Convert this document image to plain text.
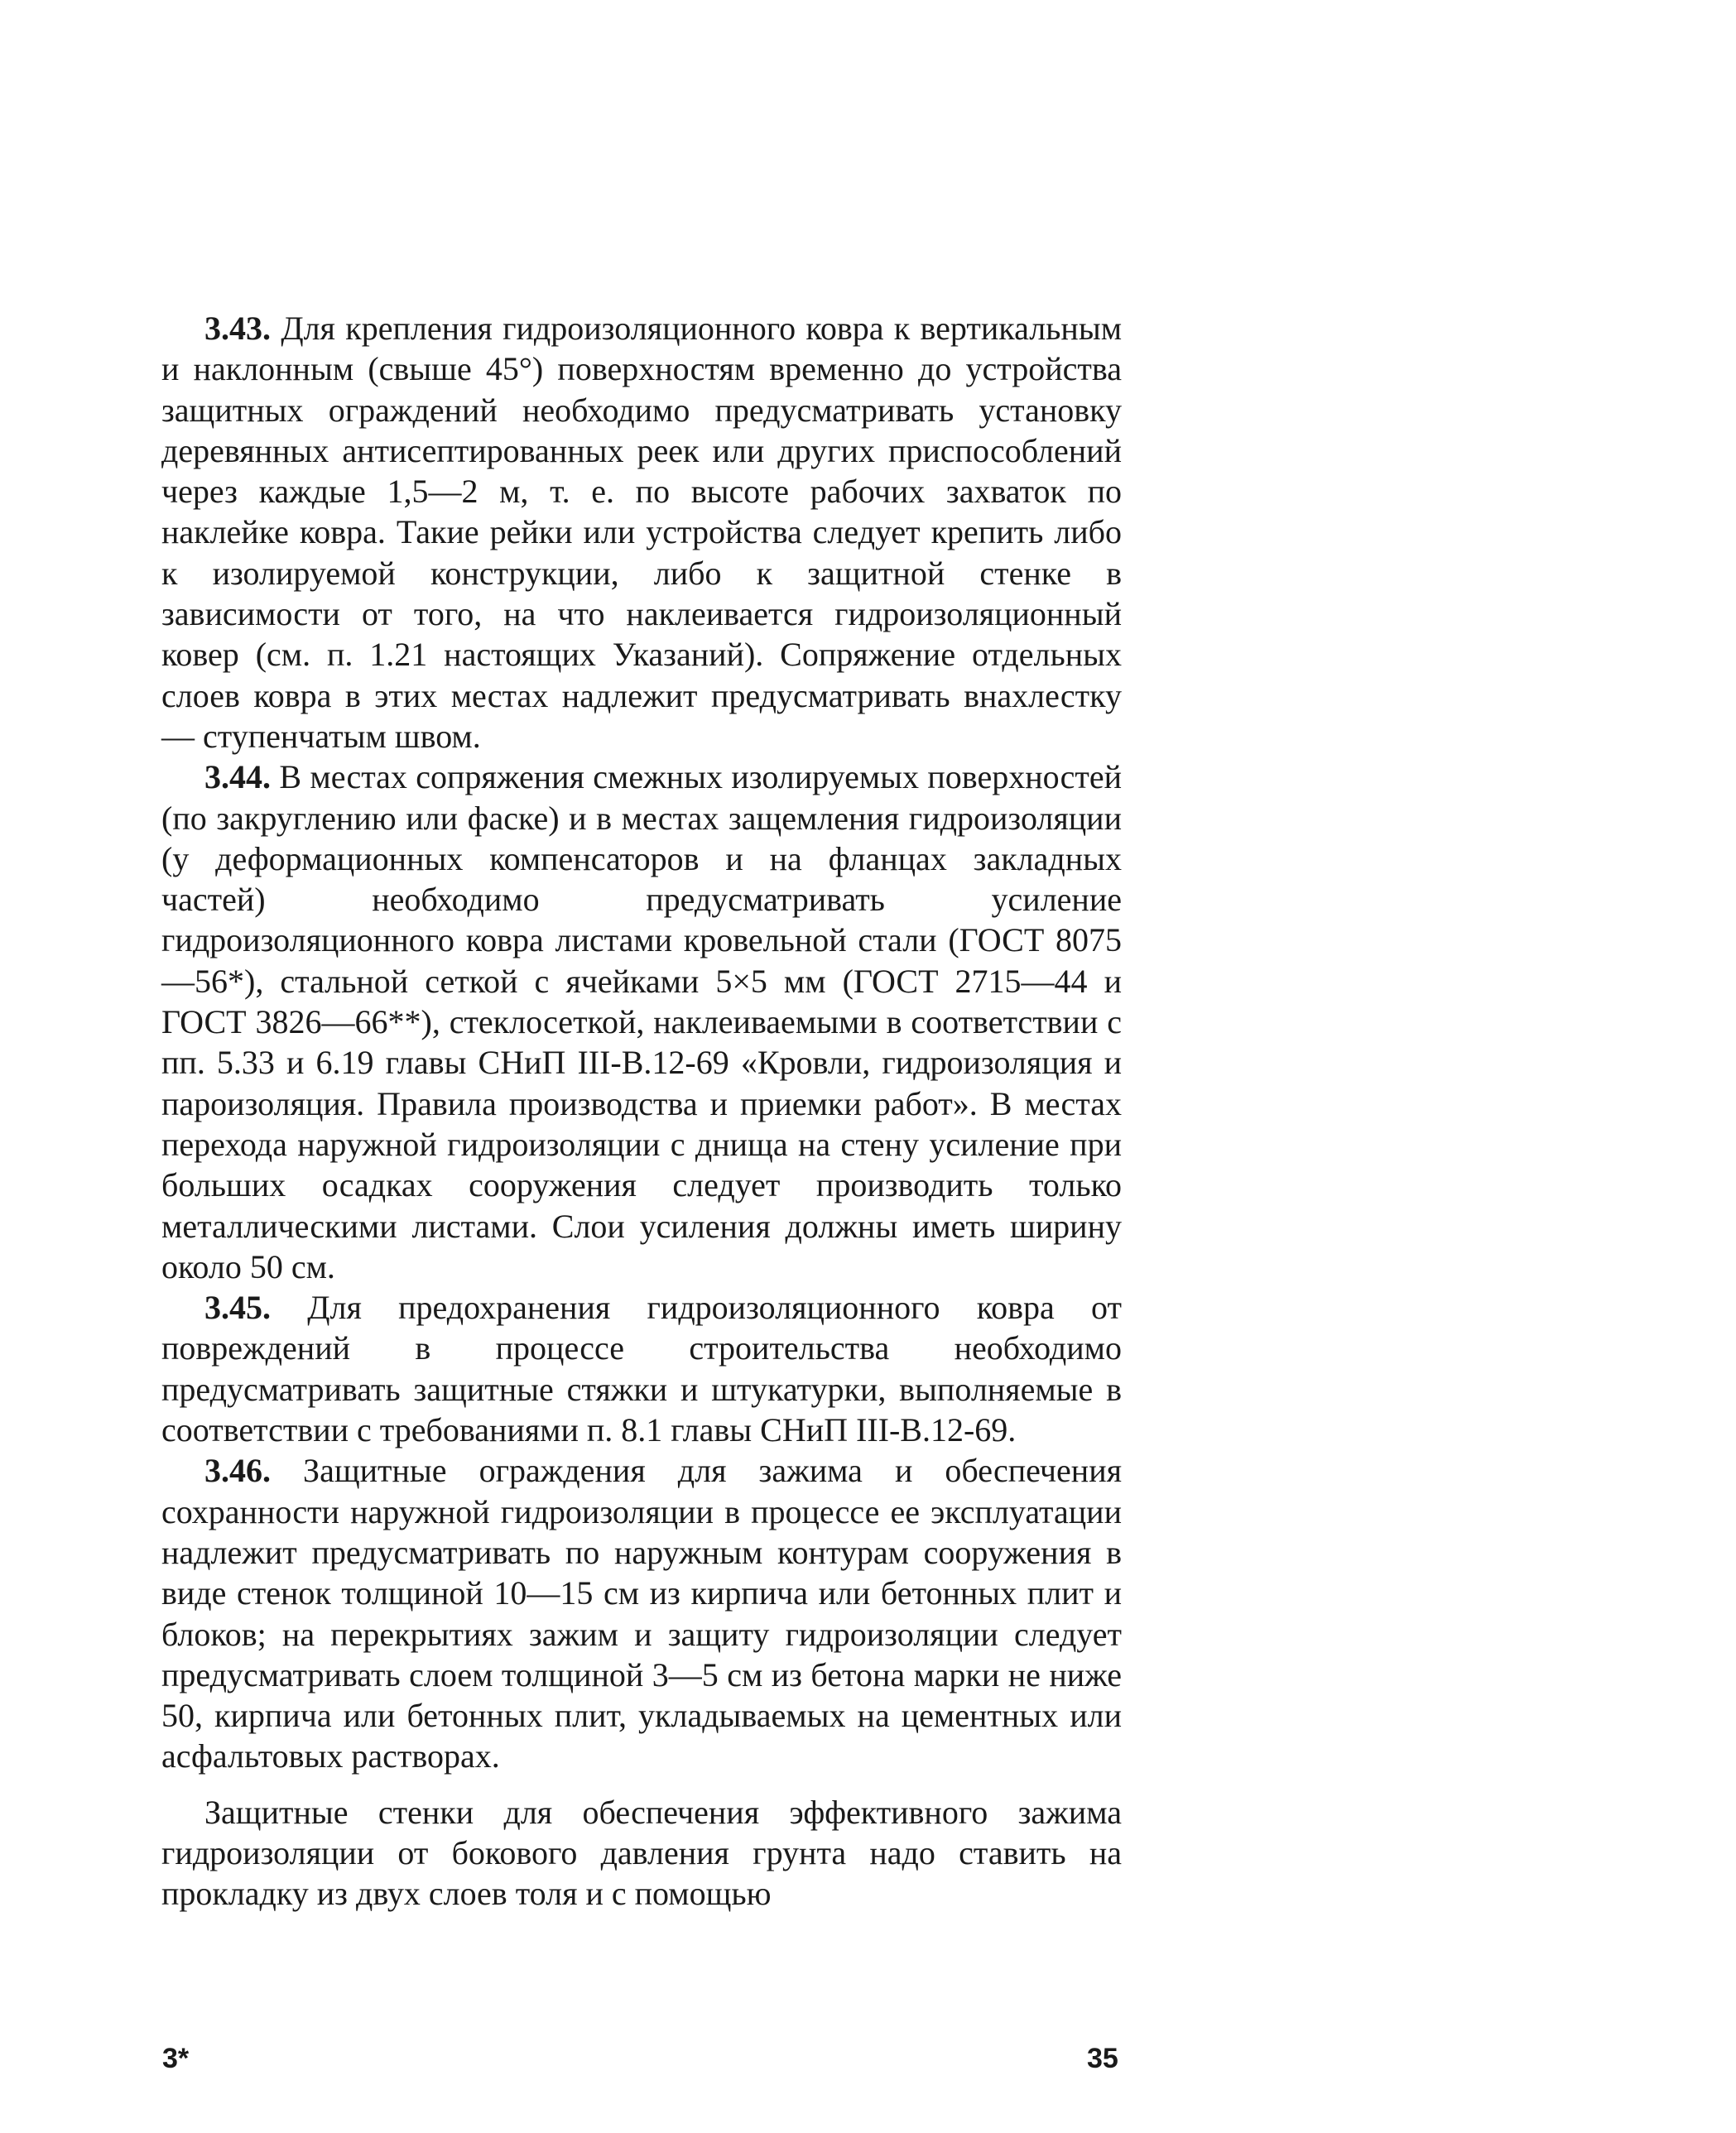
3.43. Для крепления гидроизоляционного ковра к вертикальным и наклонным (свыше 45°) поверхностям временно до устройства защитных ограждений необходимо предусматривать установку деревянных антисептированных реек или других приспособлений через каждые 1,5—2 м, т. е. по высоте рабочих захваток по наклейке ковра. Такие рейки или устройства следует крепить либо к изолируемой конструкции, либо к защитной стенке в зависимости от того, на что наклеивается гидроизоляционный ковер (см. п. 1.21 настоящих Указаний). Сопряжение отдельных слоев ковра в этих местах надлежит предусматривать внахлестку — ступенчатым швом.

3.44. В местах сопряжения смежных изолируемых поверхностей (по закруглению или фаске) и в местах защемления гидроизоляции (у деформационных компенсаторов и на фланцах закладных частей) необходимо предусматривать усиление гидроизоляционного ковра листами кровельной стали (ГОСТ 8075—56*), стальной сеткой с ячейками 5×5 мм (ГОСТ 2715—44 и ГОСТ 3826—66**), стеклосеткой, наклеиваемыми в соответствии с пп. 5.33 и 6.19 главы СНиП III-В.12-69 «Кровли, гидроизоляция и пароизоляция. Правила производства и приемки работ». В местах перехода наружной гидроизоляции с днища на стену усиление при больших осадках сооружения следует производить только металлическими листами. Слои усиления должны иметь ширину около 50 см.

3.45. Для предохранения гидроизоляционного ковра от повреждений в процессе строительства необходимо предусматривать защитные стяжки и штукатурки, выполняемые в соответствии с требованиями п. 8.1 главы СНиП III-В.12-69.

3.46. Защитные ограждения для зажима и обеспечения сохранности наружной гидроизоляции в процессе ее эксплуатации надлежит предусматривать по наружным контурам сооружения в виде стенок толщиной 10—15 см из кирпича или бетонных плит и блоков; на перекрытиях зажим и защиту гидроизоляции следует предусматривать слоем толщиной 3—5 см из бетона марки не ниже 50, кирпича или бетонных плит, укладываемых на цементных или асфальтовых растворах.

Защитные стенки для обеспечения эффективного зажима гидроизоляции от бокового давления грунта надо ставить на прокладку из двух слоев толя и с помощью

3*	35
